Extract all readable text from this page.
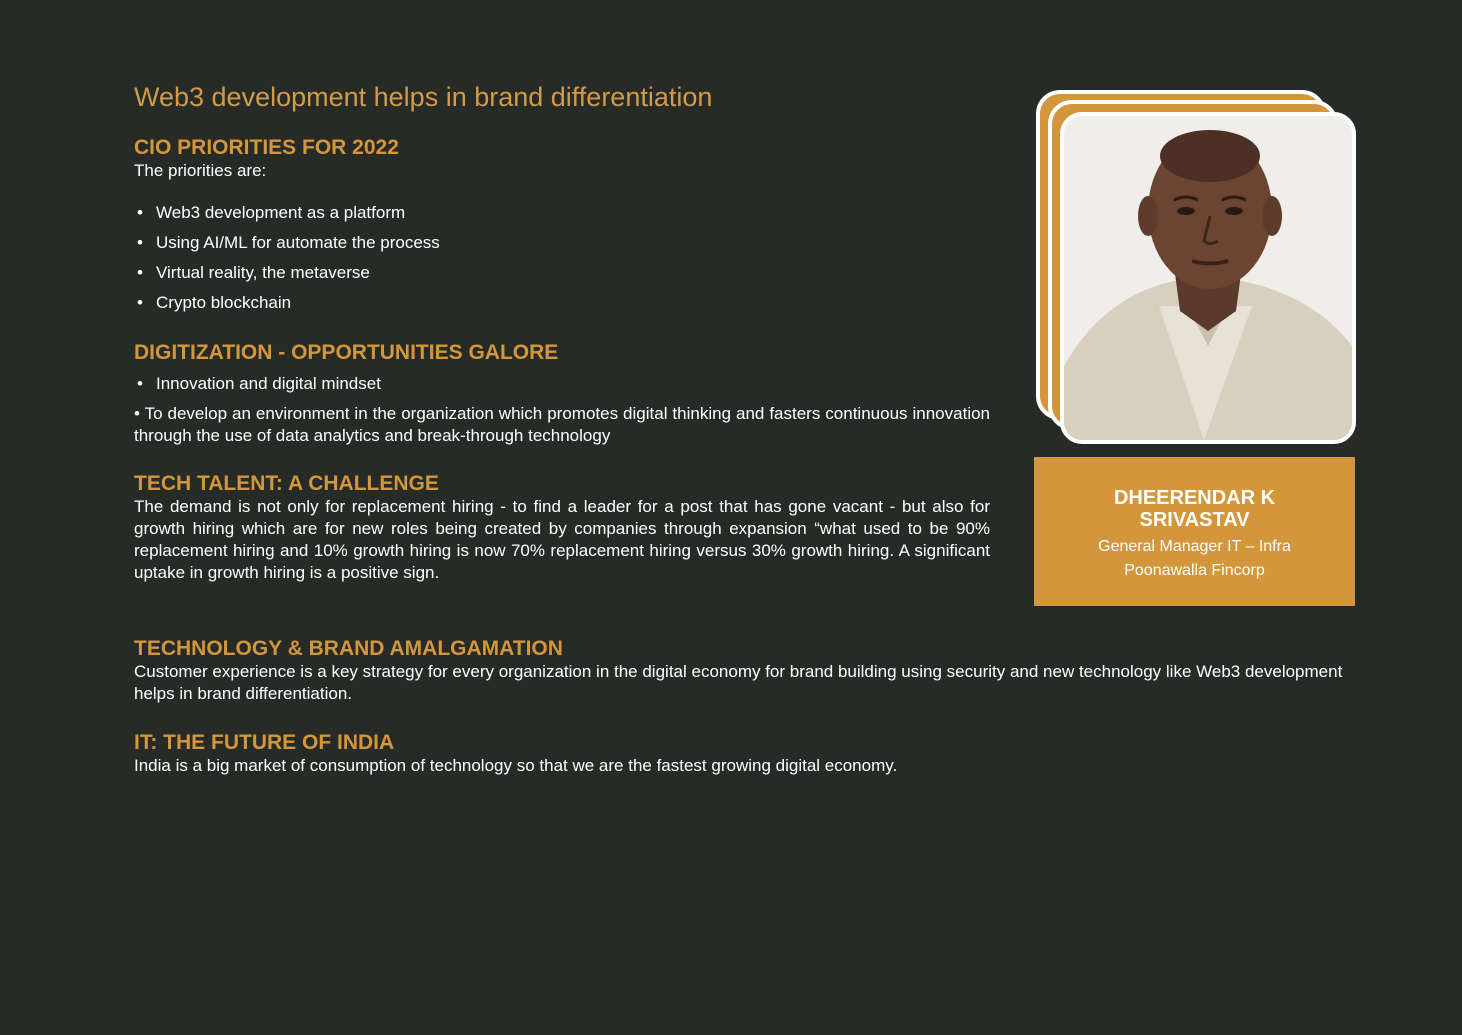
Web3 development helps in brand differentiation
CIO PRIORITIES FOR 2022

The priorities are:

• Web3 development as a platform
• Using AI/ML for automate the process
• Virtual reality, the metaverse
• Crypto blockchain
DIGITIZATION - OPPORTUNITIES GALORE
• Innovation and digital mindset

• To develop an environment in the organization which promotes digital thinking and fasters continuous innovation through the use of data analytics and break-through technology

TECH TALENT: A CHALLENGE

The demand is not only for replacement hiring - to find a leader for a post that has gone vacant - but also for growth hiring which are for new roles being created by companies through expansion “what used to be 90% replacement hiring and 10% growth hiring is now 70% replacement hiring versus 30% growth hiring. A significant uptake in growth hiring is a positive sign.

DHEERENDAR K
SRIVASTAV
General Manager IT – Infra
Poonawalla Fincorp
TECHNOLOGY & BRAND AMALGAMATION

Customer experience is a key strategy for every organization in the digital economy for brand building using security and new technology like Web3 development helps in brand differentiation.

IT: THE FUTURE OF INDIA

India is a big market of consumption of technology so that we are the fastest growing digital economy.
